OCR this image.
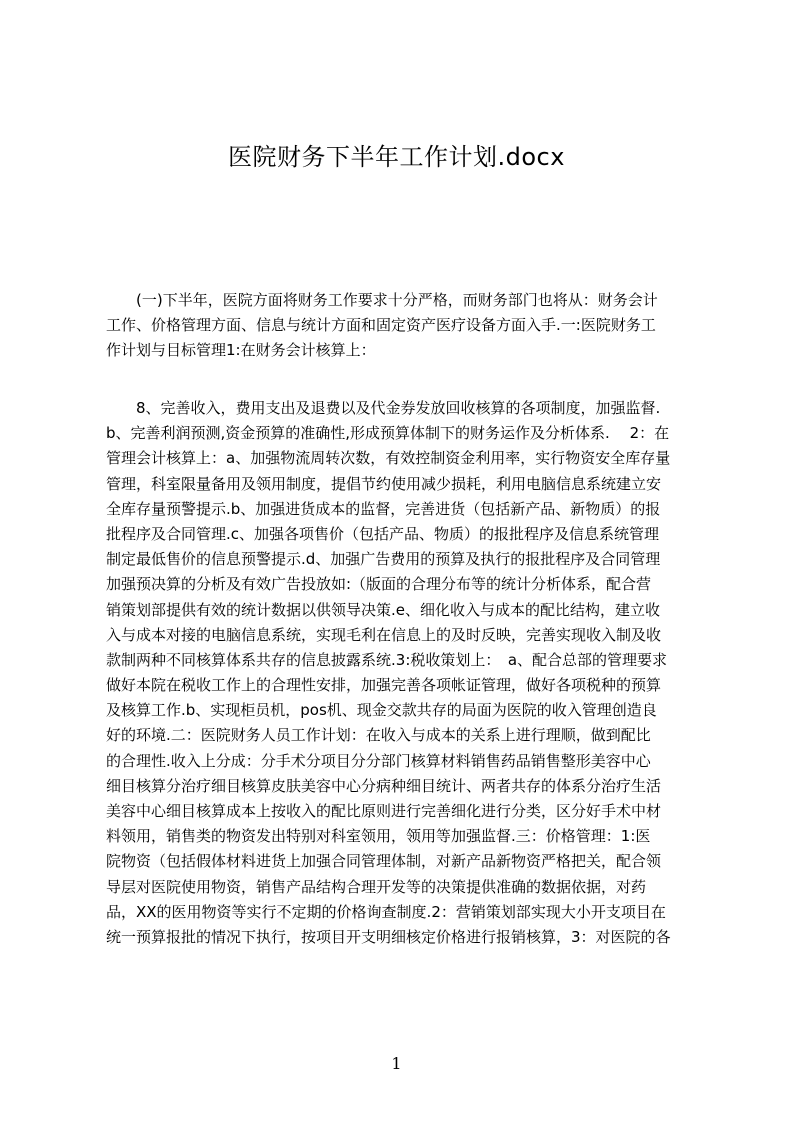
医院财务下半年工作计划.docx
(一)下半年，医院方面将财务工作要求十分严格，而财务部门也将从：财务会计
工作、价格管理方面、信息与统计方面和固定资产医疗设备方面入手.一:医院财务工
作计划与目标管理1:在财务会计核算上：
8、完善收入，费用支出及退费以及代金券发放回收核算的各项制度，加强监督.
b、完善利润预测,资金预算的准确性,形成预算体制下的财务运作及分析体系.　 2：在
管理会计核算上：a、加强物流周转次数，有效控制资金利用率，实行物资安全库存量
管理，科室限量备用及领用制度，提倡节约使用减少损耗，利用电脑信息系统建立安
全库存量预警提示.b、加强进货成本的监督，完善进货（包括新产品、新物质）的报
批程序及合同管理.c、加强各项售价（包括产品、物质）的报批程序及信息系统管理
制定最低售价的信息预警提示.d、加强广告费用的预算及执行的报批程序及合同管理
加强预决算的分析及有效广告投放如:（版面的合理分布等的统计分析体系，配合营
销策划部提供有效的统计数据以供领导决策.e、细化收入与成本的配比结构，建立收
入与成本对接的电脑信息系统，实现毛利在信息上的及时反映，完善实现收入制及收
款制两种不同核算体系共存的信息披露系统.3:税收策划上：　a、配合总部的管理要求
做好本院在税收工作上的合理性安排，加强完善各项帐证管理，做好各项税种的预算
及核算工作.b、实现柜员机，pos机、现金交款共存的局面为医院的收入管理创造良
好的环境.二：医院财务人员工作计划：在收入与成本的关系上进行理顺，做到配比
的合理性.收入上分成：分手术分项目分分部门核算材料销售药品销售整形美容中心
细目核算分治疗细目核算皮肤美容中心分病种细目统计、两者共存的体系分治疗生活
美容中心细目核算成本上按收入的配比原则进行完善细化进行分类，区分好手术中材
料领用，销售类的物资发出特别对科室领用，领用等加强监督.三：价格管理：1:医
院物资（包括假体材料进货上加强合同管理体制，对新产品新物资严格把关，配合领
导层对医院使用物资，销售产品结构合理开发等的决策提供准确的数据依据，对药
品，XX的医用物资等实行不定期的价格询查制度.2：营销策划部实现大小开支项目在
统一预算报批的情况下执行，按项目开支明细核定价格进行报销核算，3：对医院的各
1
